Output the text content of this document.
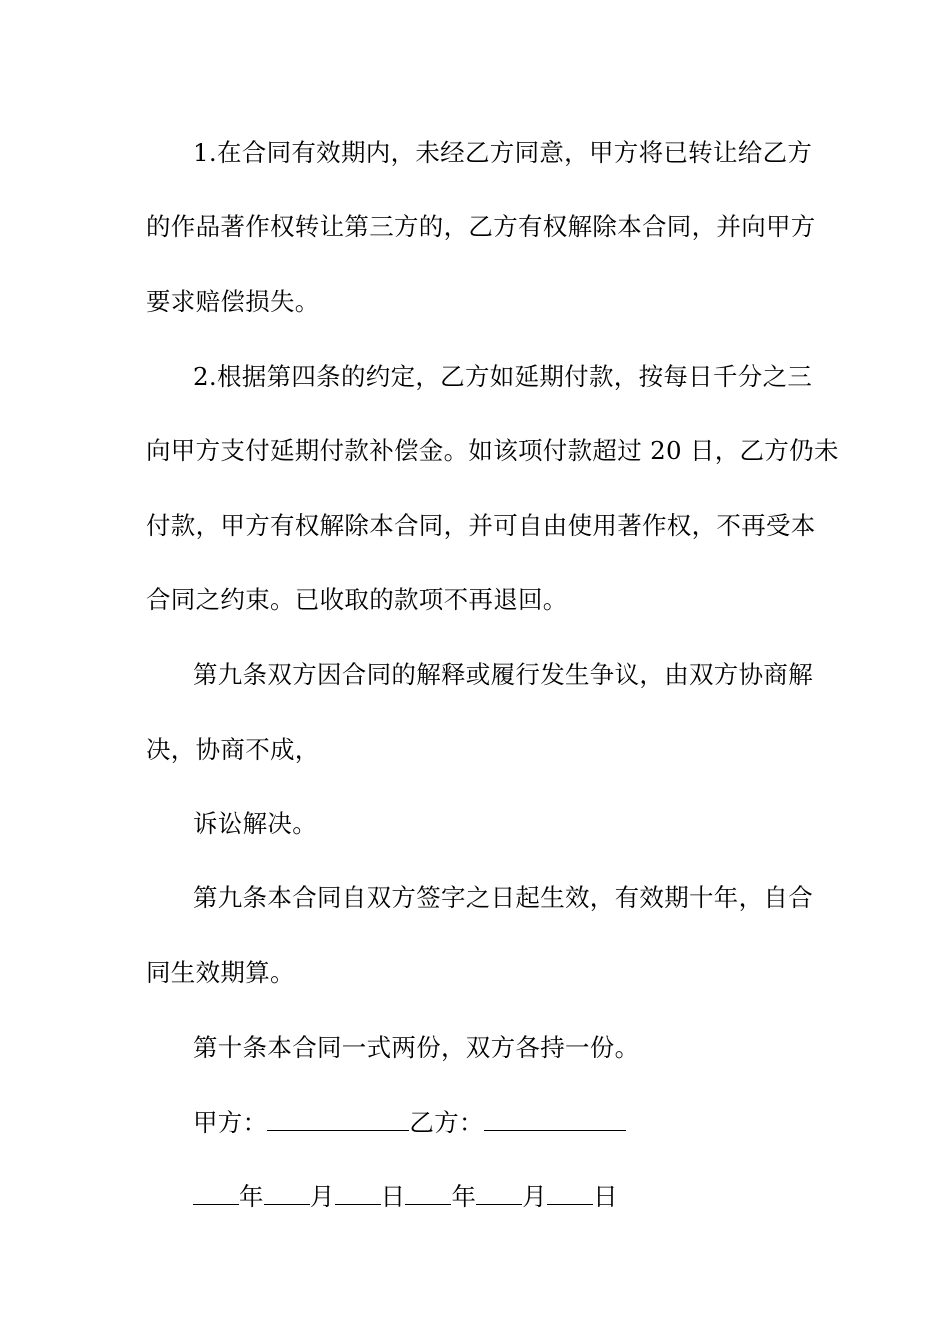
1.在合同有效期内，未经乙方同意，甲方将已转让给乙方
的作品著作权转让第三方的，乙方有权解除本合同，并向甲方
要求赔偿损失。
2.根据第四条的约定，乙方如延期付款，按每日千分之三
向甲方支付延期付款补偿金。如该项付款超过 20 日，乙方仍未
付款，甲方有权解除本合同，并可自由使用著作权，不再受本
合同之约束。已收取的款项不再退回。
第九条双方因合同的解释或履行发生争议，由双方协商解
决，协商不成，
诉讼解决。
第九条本合同自双方签字之日起生效，有效期十年，自合
同生效期算。
第十条本合同一式两份，双方各持一份。
甲方：	乙方：
年 月 日 年 月 日
